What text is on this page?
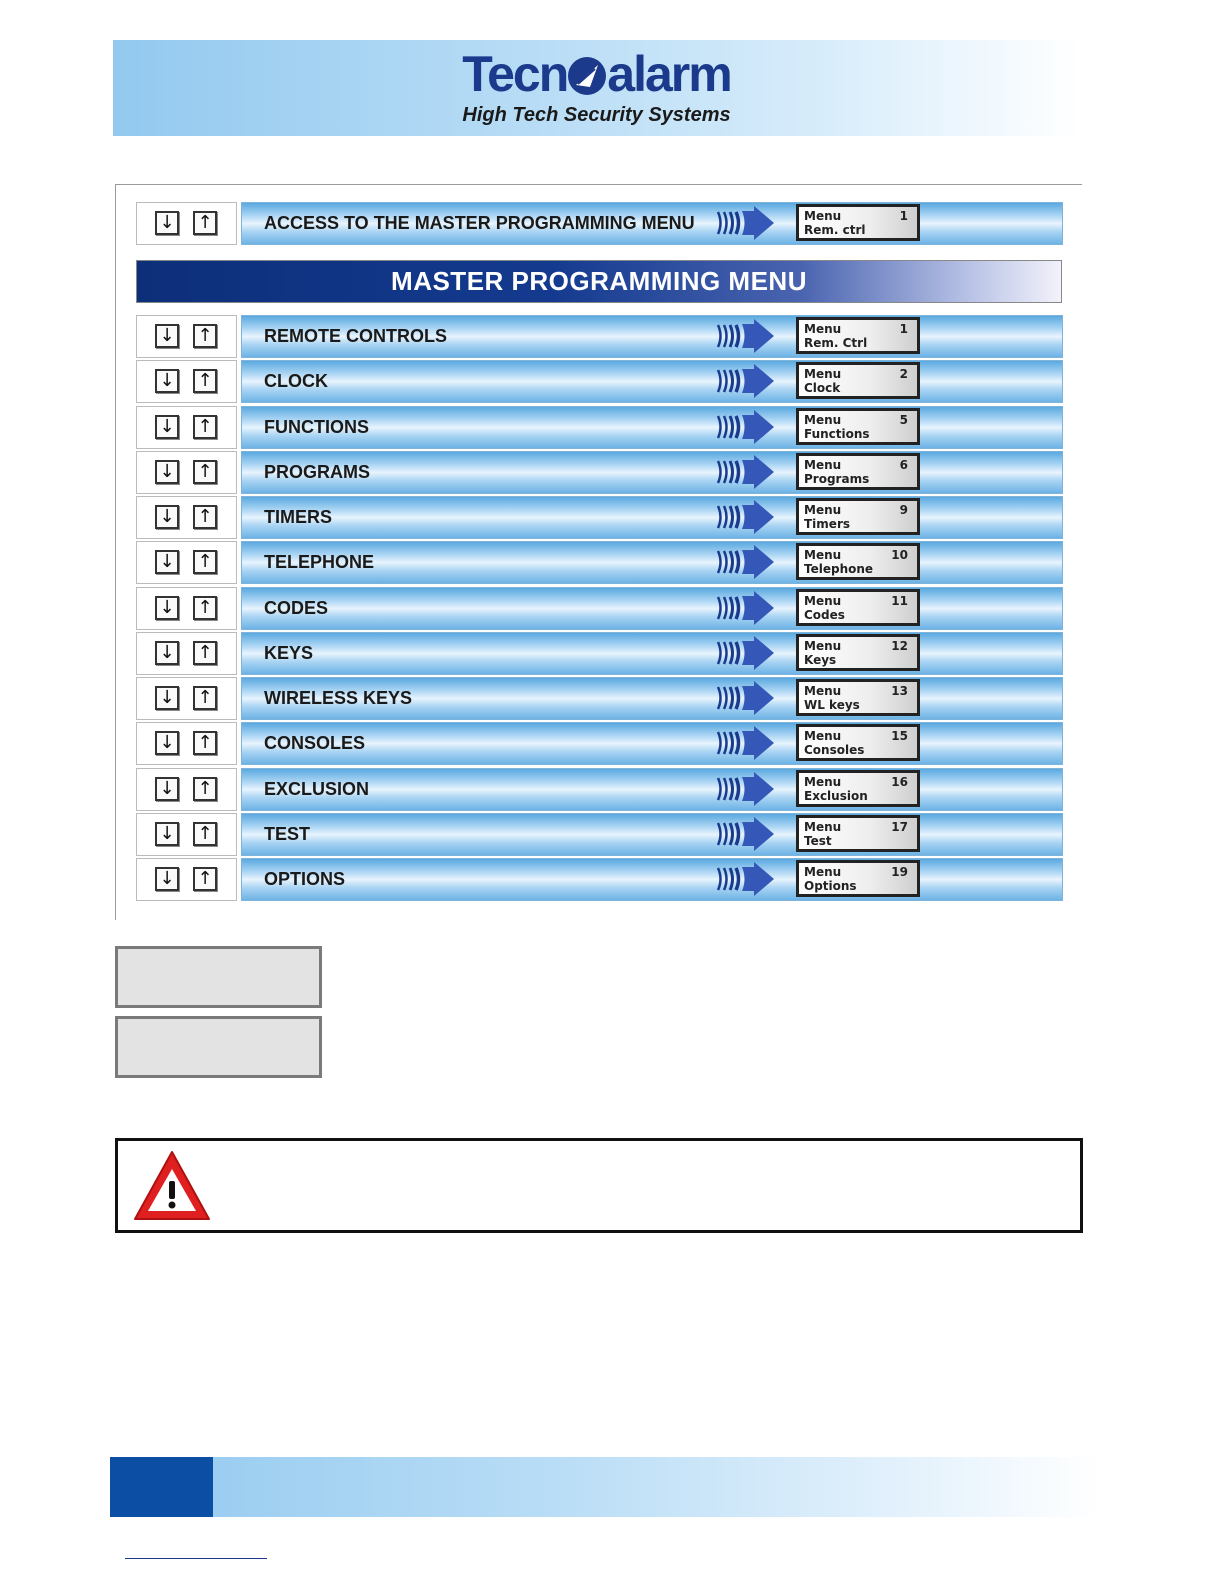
Tecn alarm
High Tech Security Systems
↓ ↑	ACCESS TO THE MASTER PROGRAMMING MENU	Menu	1
Rem. ctrl
MASTER PROGRAMMING MENU
↓ ↑	REMOTE CONTROLS	Menu	1
Rem. Ctrl
↓ ↑	CLOCK	Menu	2
Clock
↓ ↑	FUNCTIONS	Menu	5
Functions
↓ ↑	PROGRAMS	Menu	6
Programs
↓ ↑	TIMERS	Menu	9
Timers
↓ ↑	TELEPHONE	Menu	10
Telephone
↓ ↑	CODES	Menu	11
Codes
↓ ↑	KEYS	Menu	12
Keys
↓ ↑	WIRELESS KEYS	Menu	13
WL keys
↓ ↑	CONSOLES	Menu	15
Consoles
↓ ↑	EXCLUSION	Menu	16
Exclusion
↓ ↑	TEST	Menu	17
Test
↓ ↑	OPTIONS	Menu	19
Options
